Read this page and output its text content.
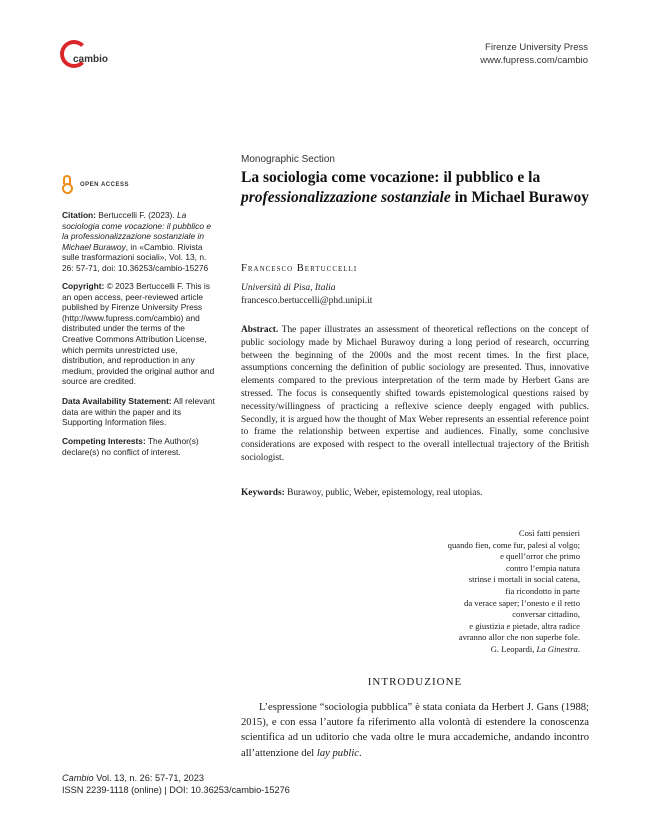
cambio
Firenze University Press
www.fupress.com/cambio
OPEN ACCESS
Citation: Bertuccelli F. (2023). La sociologia come vocazione: il pubblico e la professionalizzazione sostanziale in Michael Burawoy, in «Cambio. Rivista sulle trasformazioni sociali», Vol. 13, n. 26: 57-71, doi: 10.36253/cambio-15276
Copyright: © 2023 Bertuccelli F. This is an open access, peer-reviewed article published by Firenze University Press (http://www.fupress.com/cambio) and distributed under the terms of the Creative Commons Attribution License, which permits unrestricted use, distribution, and reproduction in any medium, provided the original author and source are credited.
Data Availability Statement: All relevant data are within the paper and its Supporting Information files.
Competing Interests: The Author(s) declare(s) no conflict of interest.
Monographic Section
La sociologia come vocazione: il pubblico e la professionalizzazione sostanziale in Michael Burawoy
Francesco Bertuccelli
Università di Pisa, Italia
francesco.bertuccelli@phd.unipi.it
Abstract. The paper illustrates an assessment of theoretical reflections on the concept of public sociology made by Michael Burawoy during a long period of research, occurring between the beginning of the 2000s and the most recent times. In the first place, assumptions concerning the definition of public sociology are presented. Thus, innovative elements compared to the previous interpretation of the term made by Herbert Gans are stressed. The focus is consequently shifted towards epistemological questions raised by necessity/willingness of practicing a reflexive science deeply engaged with publics. Secondly, it is argued how the thought of Max Weber represents an essential reference point to frame the relationship between expertise and audiences. Finally, some conclusive considerations are exposed with respect to the overall intellectual trajectory of the British sociologist.
Keywords: Burawoy, public, Weber, epistemology, real utopias.
Così fatti pensieri
quando fien, come fur, palesi al volgo;
e quell’orror che primo
contro l’empia natura
strinse i mortali in social catena,
fia ricondotto in parte
da verace saper; l’onesto e il retto
conversar cittadino,
e giustizia e pietade, altra radice
avranno allor che non superbe fole.
G. Leopardi, La Ginestra.
INTRODUZIONE
L’espressione “sociologia pubblica” è stata coniata da Herbert J. Gans (1988; 2015), e con essa l’autore fa riferimento alla volontà di estendere la conoscenza scientifica ad un uditorio che vada oltre le mura accademiche, andando incontro all’attenzione del lay public.
Cambio Vol. 13, n. 26: 57-71, 2023
ISSN 2239-1118 (online) | DOI: 10.36253/cambio-15276
